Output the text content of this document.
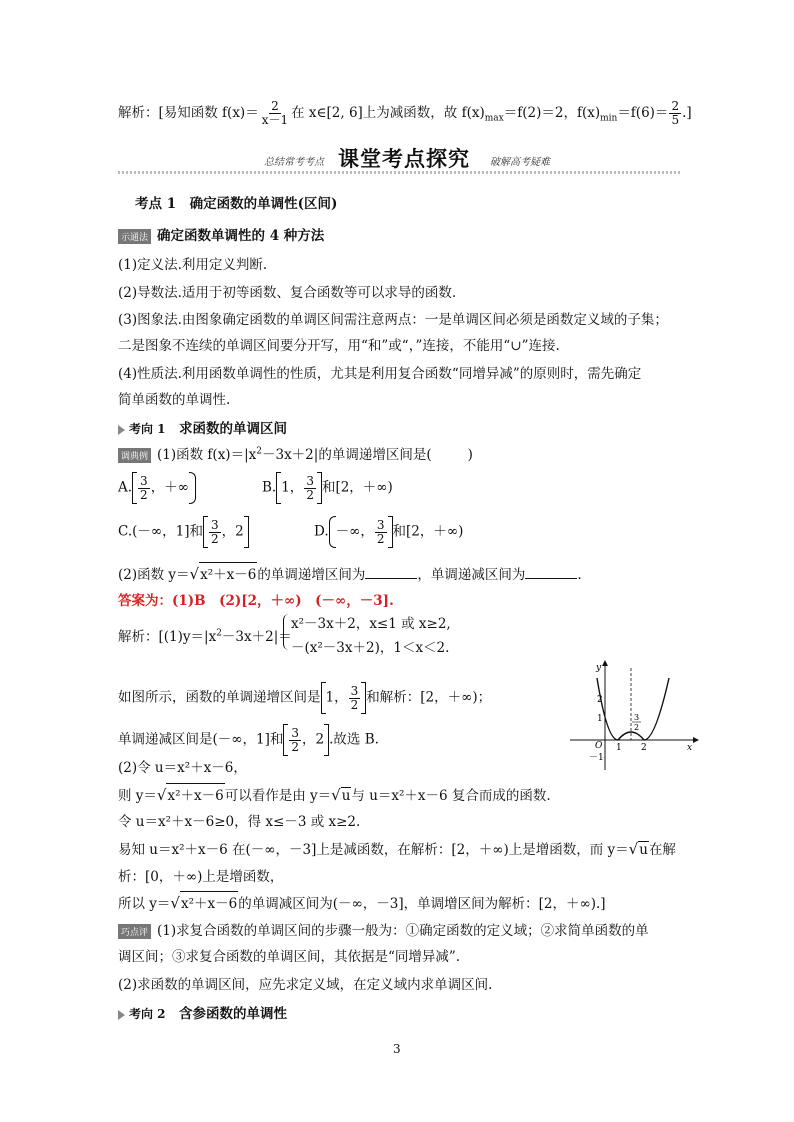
解析：[易知函数 $f(x)= \frac{2}{x-1}$ 在 x∈[2, 6]上为减函数，故 $f(x)_{max}=f(2)=2$，$f(x)_{min}=f(6)= \frac{2}{5}$ .]
总结常考考点 课堂考点探究 破解高考疑难
考点 1　确定函数的单调性(区间)
示通法 确定函数单调性的 4 种方法
(1)定义法.利用定义判断.
(2)导数法.适用于初等函数、复合函数等可以求导的函数.
(3)图象法.由图象确定函数的单调区间需注意两点：一是单调区间必须是函数定义域的子集；
二是图象不连续的单调区间要分开写，用“和”或“，”连接，不能用“∪”连接.
(4)性质法.利用函数单调性的性质，尤其是利用复合函数“同增异减”的原则时，需先确定
简单函数的单调性.
考向 1　 求函数的单调区间
调典例 (1)函数 $f(x)=|x^2-3x+2|$的单调递增区间是(	)
A. $\frac{3}{2}$ ，＋∞	B. 1， $\frac{3}{2}$ 和[2，＋∞)
C.(－∞，1]和 $\frac{3}{2}$ ，2	D. －∞， $\frac{3}{2}$ 和[2，＋∞)
(2)函数 y＝√x²＋x－6的单调递增区间为	，单调递减区间为	.
答案为：(1)B　(2)[2，＋∞)　(－∞，－3].
解析：[$(1)y=|x^2-3x+2|=$
x²－3x＋2，x≤1 或 x≥2,
－(x²－3x＋2)，1＜x＜2.
如图所示，函数的单调递增区间是 1， $\frac{3}{2}$ 和解析：[2，＋∞)；
单调递减区间是(－∞，1]和 $\frac{3}{2}$ ，2 .故选 B.
y
x
O
2
1
－1
1 2
3
2
(2)令 u＝x²＋x－6，
则 y＝√x²＋x－6可以看作是由 y＝√u与 u＝x²＋x－6 复合而成的函数.
令 u＝x²＋x－6≥0，得 x≤－3 或 x≥2.
易知 u＝x²＋x－6 在(－∞，－3]上是减函数，在解析：[2，＋∞)上是增函数，而 y＝√u在解
析：[0，＋∞)上是增函数，
所以 y＝√x²＋x－6的单调减区间为(－∞，－3]，单调增区间为解析：[2，＋∞).]
巧点评 (1)求复合函数的单调区间的步骤一般为：①确定函数的定义域；②求简单函数的单
调区间；③求复合函数的单调区间，其依据是“同增异减”.
(2)求函数的单调区间，应先求定义域，在定义域内求单调区间.
考向 2　 含参函数的单调性
3
